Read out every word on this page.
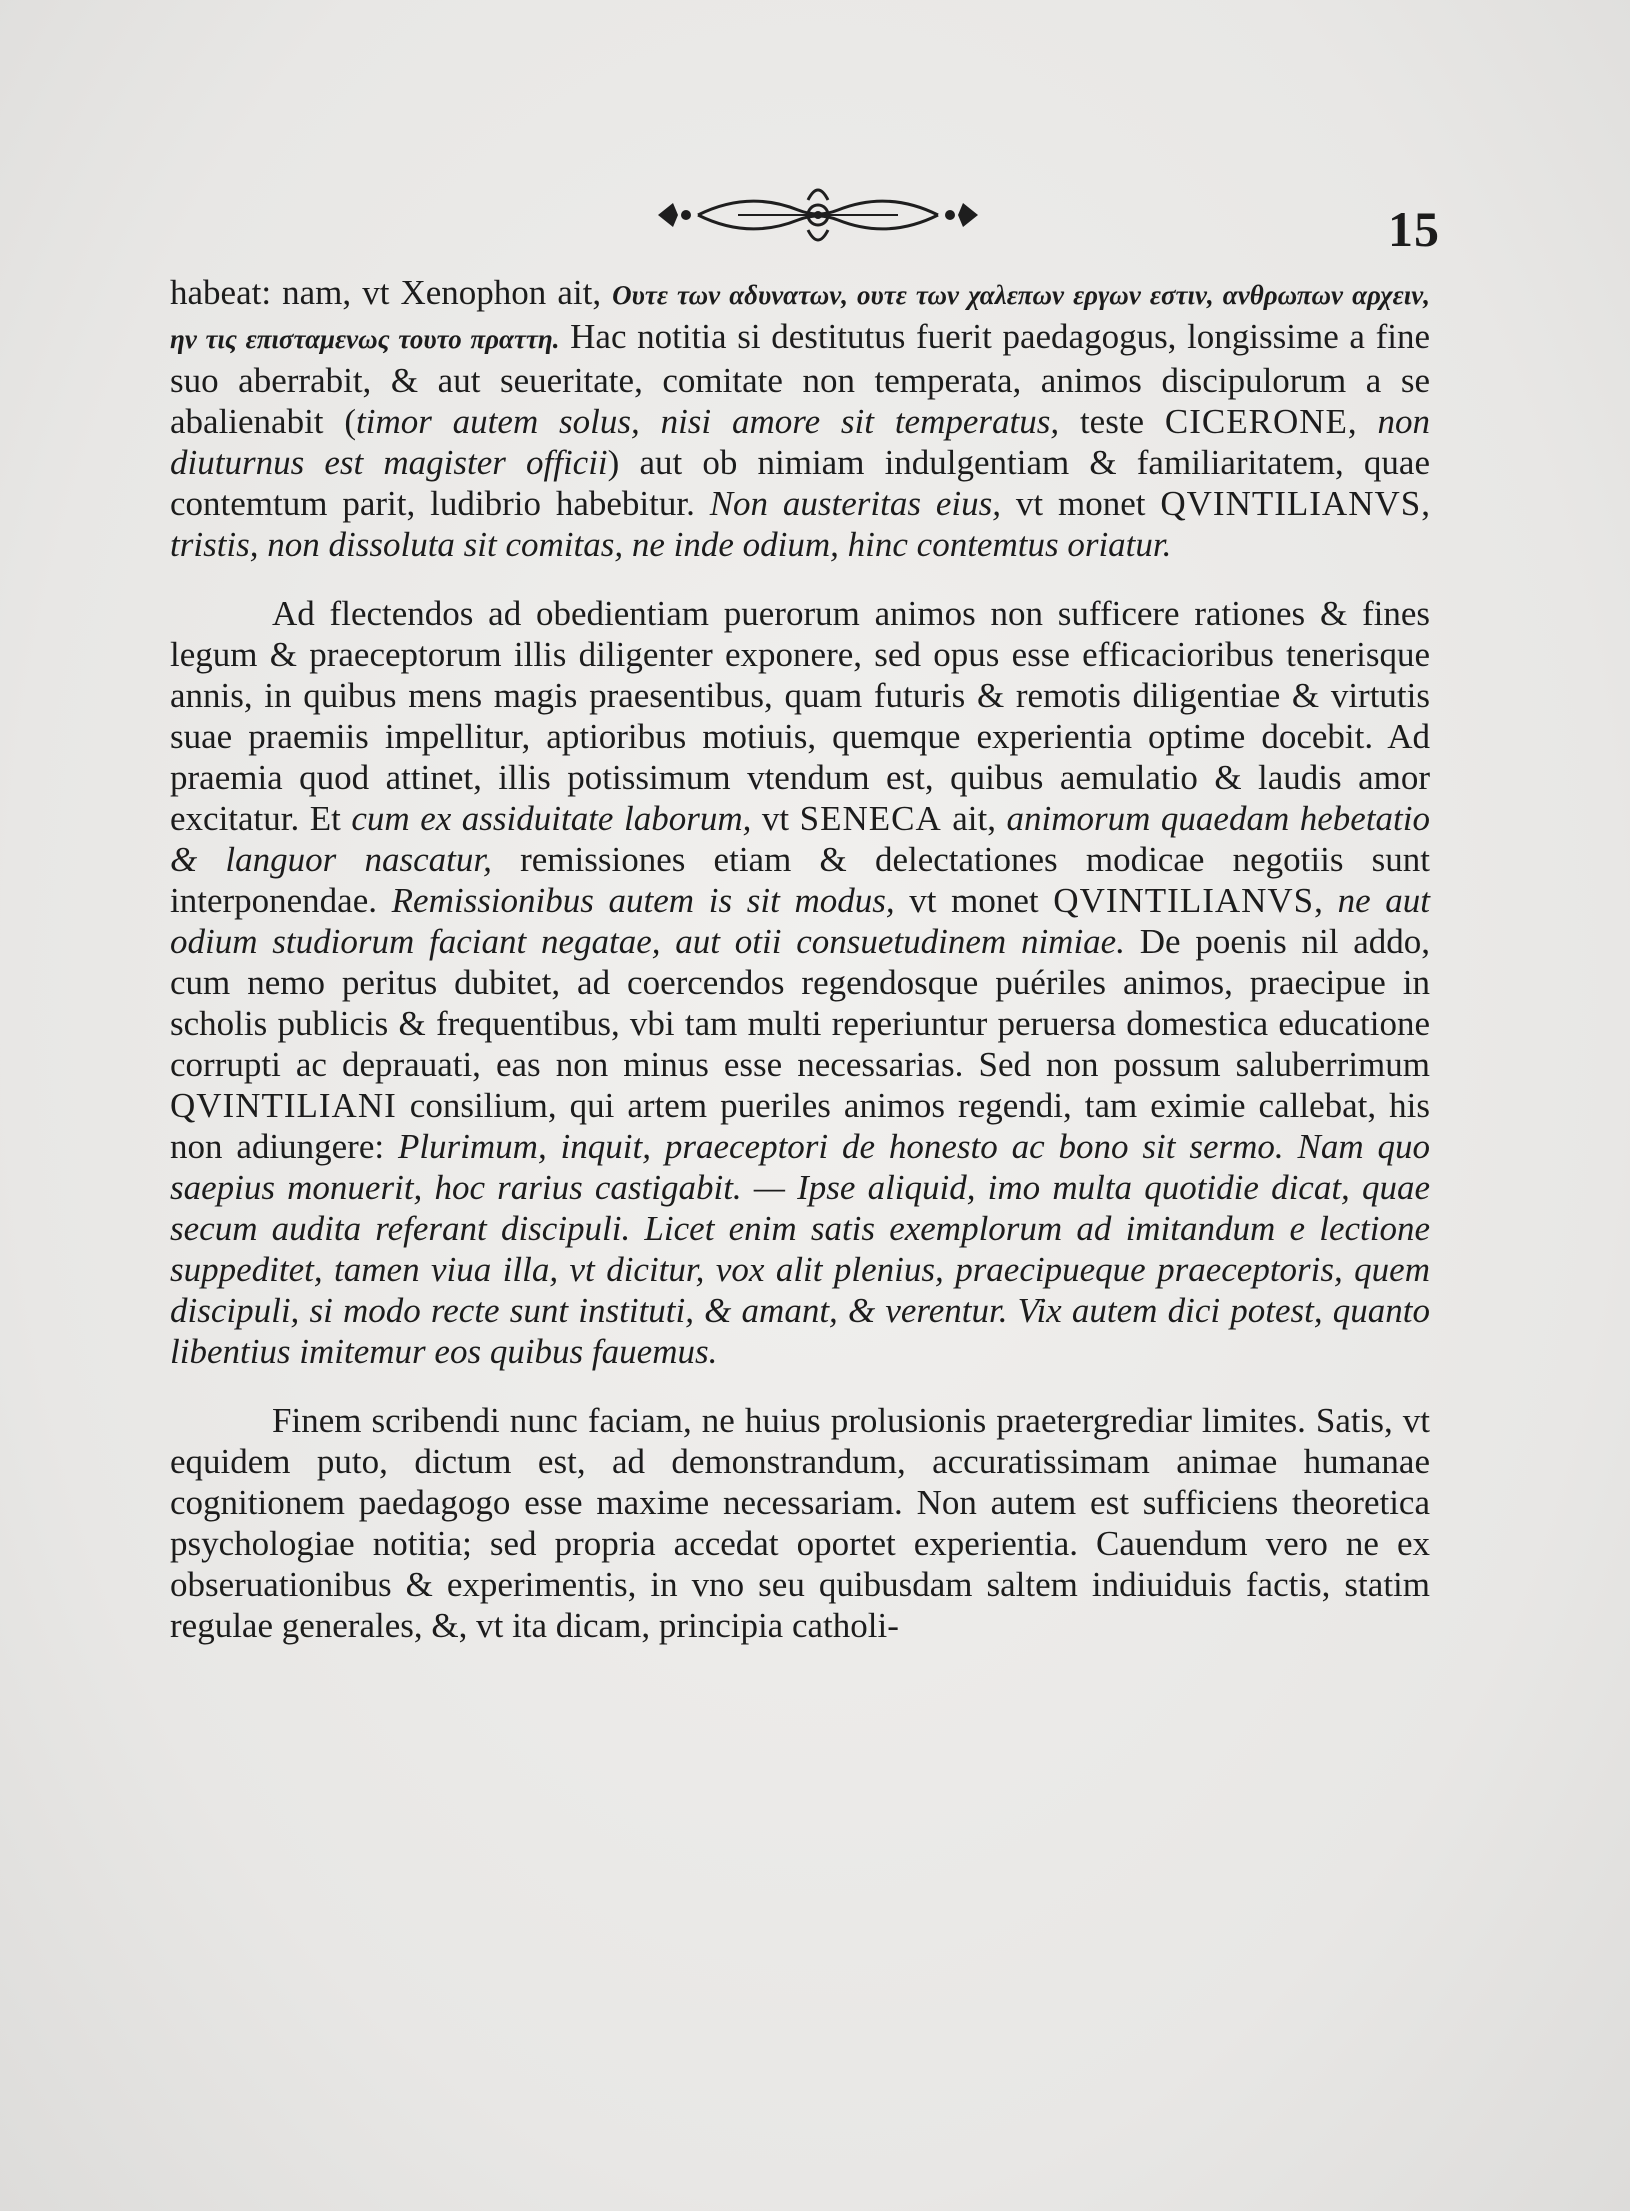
15

habeat: nam, vt Xenophon ait, Ουτε των αδυνατων, ουτε των χαλεπων εργων εστιν, ανθρωπων αρχειν, ην τις επισταμενως τουτο πραττη. Hac notitia si destitutus fuerit paedagogus, longissime a fine suo aberrabit, & aut seueritate, comitate non temperata, animos discipulorum a se abalienabit (timor autem solus, nisi amore sit temperatus, teste CICERONE, non diuturnus est magister officii) aut ob nimiam indulgentiam & familiaritatem, quae contemtum parit, ludibrio habebitur. Non austeritas eius, vt monet QVINTILIANVS, tristis, non dissoluta sit comitas, ne inde odium, hinc contemtus oriatur.

Ad flectendos ad obedientiam puerorum animos non sufficere rationes & fines legum & praeceptorum illis diligenter exponere, sed opus esse efficacioribus tenerisque annis, in quibus mens magis praesentibus, quam futuris & remotis diligentiae & virtutis suae praemiis impellitur, aptioribus motiuis, quemque experientia optime docebit. Ad praemia quod attinet, illis potissimum vtendum est, quibus aemulatio & laudis amor excitatur. Et cum ex assiduitate laborum, vt SENECA ait, animorum quaedam hebetatio & languor nascatur, remissiones etiam & delectationes modicae negotiis sunt interponendae. Remissionibus autem is sit modus, vt monet QVINTILIANVS, ne aut odium studiorum faciant negatae, aut otii consuetudinem nimiae. De poenis nil addo, cum nemo peritus dubitet, ad coercendos regendosque puériles animos, praecipue in scholis publicis & frequentibus, vbi tam multi reperiuntur peruersa domestica educatione corrupti ac deprauati, eas non minus esse necessarias. Sed non possum saluberrimum QVINTILIANI consilium, qui artem pueriles animos regendi, tam eximie callebat, his non adiungere: Plurimum, inquit, praeceptori de honesto ac bono sit sermo. Nam quo saepius monuerit, hoc rarius castigabit. — Ipse aliquid, imo multa quotidie dicat, quae secum audita referant discipuli. Licet enim satis exemplorum ad imitandum e lectione suppeditet, tamen viua illa, vt dicitur, vox alit plenius, praecipueque praeceptoris, quem discipuli, si modo recte sunt instituti, & amant, & verentur. Vix autem dici potest, quanto libentius imitemur eos quibus fauemus.

Finem scribendi nunc faciam, ne huius prolusionis praetergrediar limites. Satis, vt equidem puto, dictum est, ad demonstrandum, accuratissimam animae humanae cognitionem paedagogo esse maxime necessariam. Non autem est sufficiens theoretica psychologiae notitia; sed propria accedat oportet experientia. Cauendum vero ne ex obseruationibus & experimentis, in vno seu quibusdam saltem indiuiduis factis, statim regulae generales, &, vt ita dicam, principia catholi-
